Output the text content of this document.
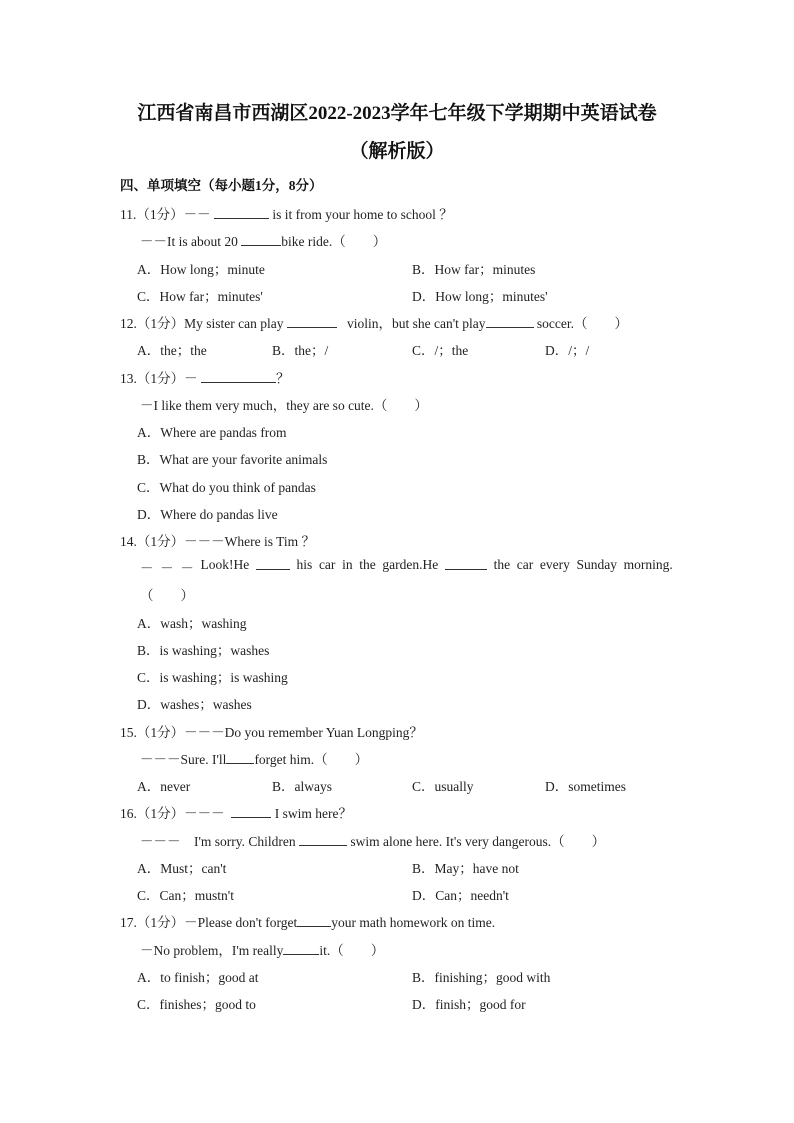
江西省南昌市西湖区2022-2023学年七年级下学期期中英语试卷
（解析版）
四、单项填空（每小题1分，8分）
11.（1分）－－	is it from your home to school ？
－－It is about 20	bike ride.（　　）
A．How long；minute	B．How far；minutes
C．How far；minutes'	D．How long；minutes'
12.（1分）My sister can play	violin，but she can't play	soccer.（　　）
A．the；the	B．the；/	C．/；the	D．/；/
13.（1分）－	？
－I like them very much，they are so cute.（　　）
A．Where are pandas from
B．What are your favorite animals
C．What do you think of pandas
D．Where do pandas live
14.（1分）－－－Where is Tim ？
－ － － Look!He	his car in the garden.He	the car every Sunday morning.
（　　）
A．wash；washing
B．is washing；washes
C．is washing；is washing
D．washes；washes
15.（1分）－－－Do you remember Yuan Longping？
－－－Sure. I'll forget him.（　　）
A．never	B．always	C．usually	D．sometimes
16.（1分）－－－	I swim here？
－－－　I'm sorry. Children	swim alone here. It's very dangerous.（　　）
A．Must；can't	B．May；have not
C．Can；mustn't	D．Can；needn't
17.（1分）－Please don't forget	your math homework on time.
－No problem，I'm really	it.（　　）
A．to finish；good at	B．finishing；good with
C．finishes；good to	D．finish；good for
